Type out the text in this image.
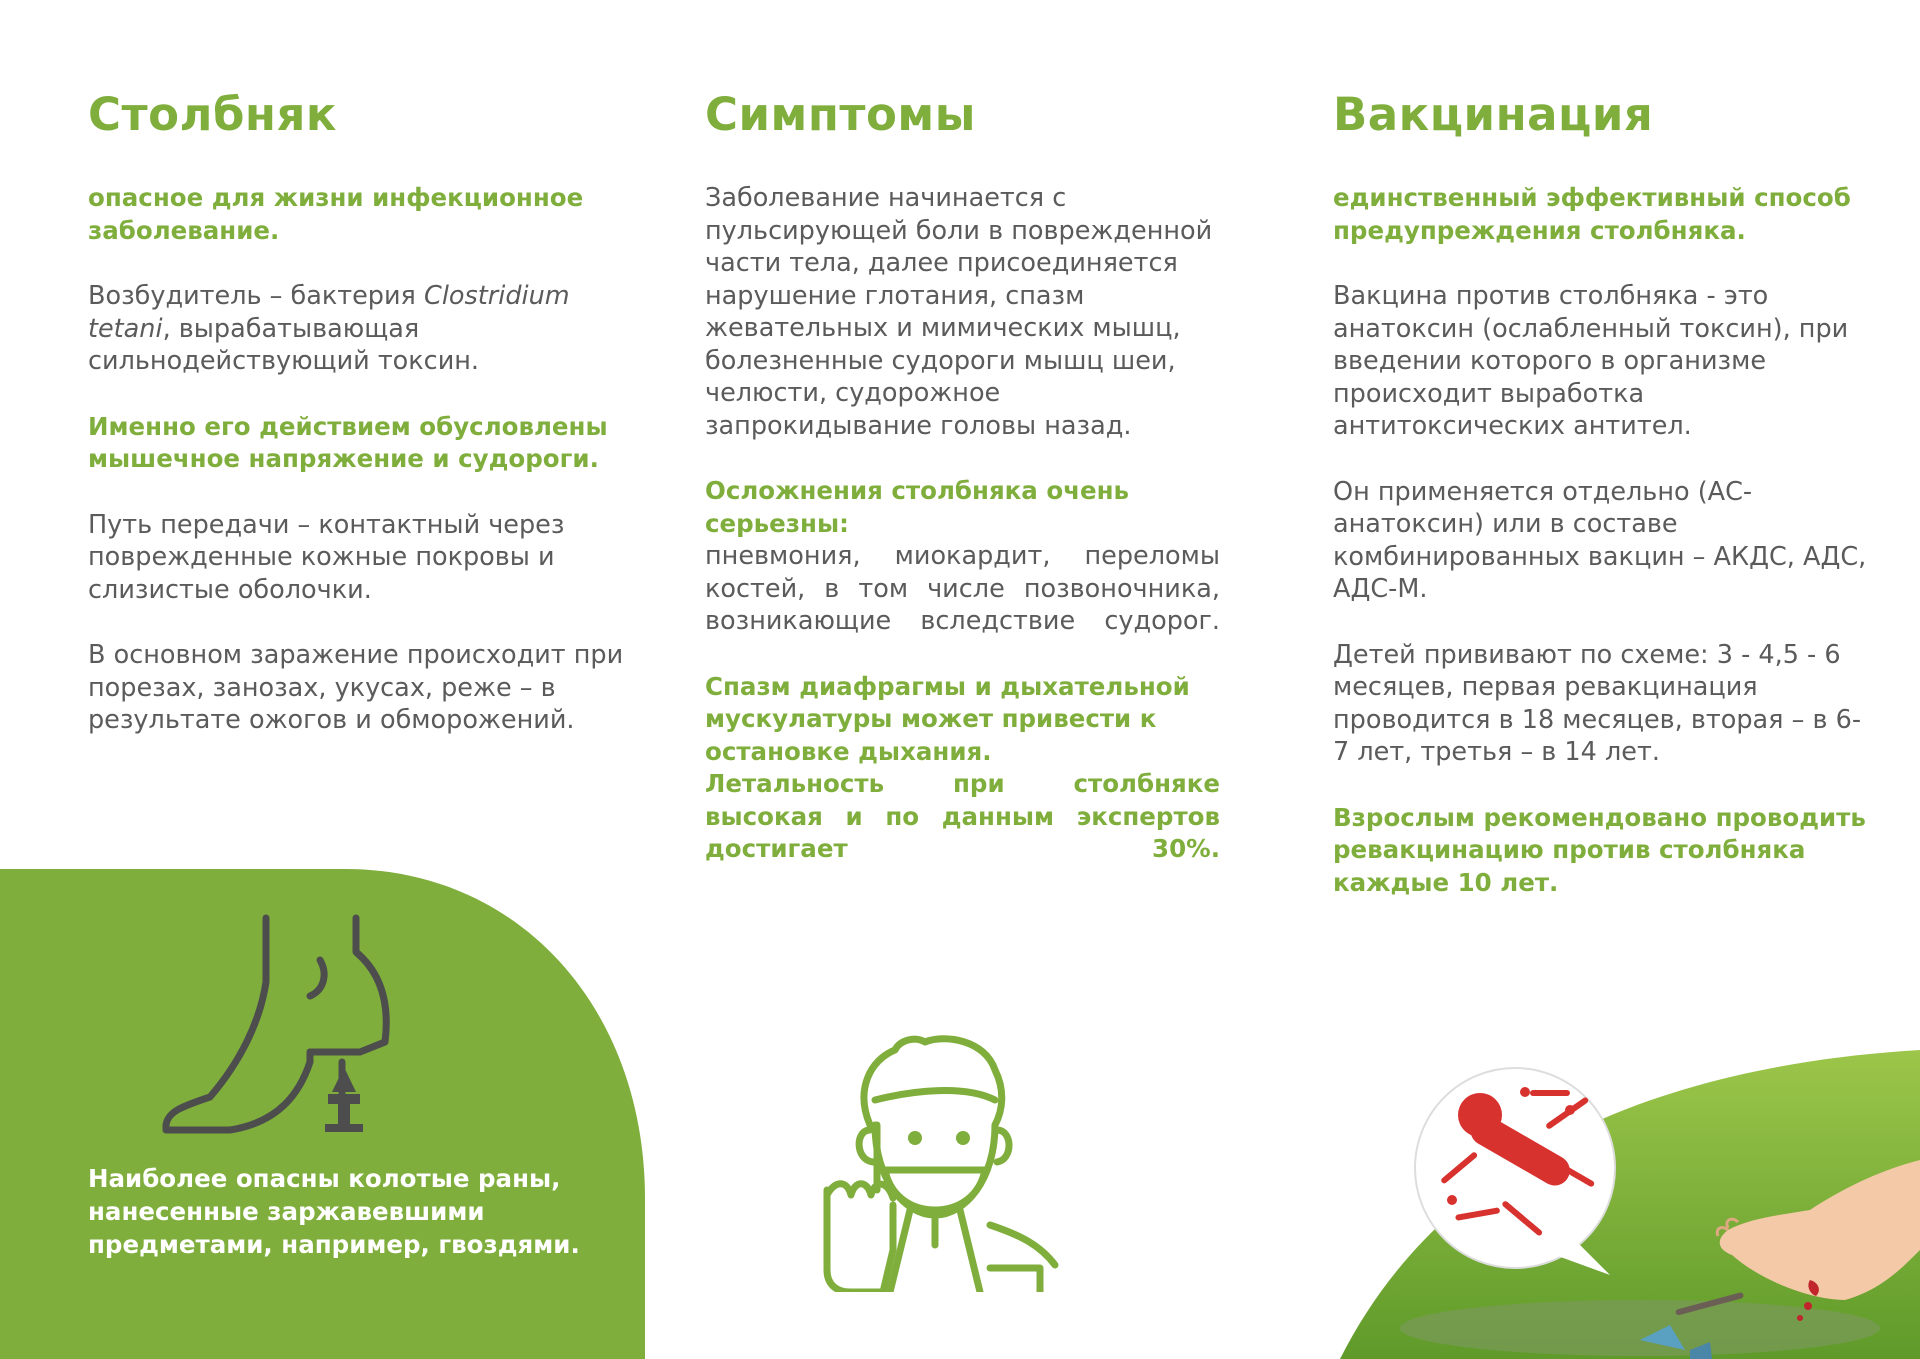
Столбняк

опасное для жизни инфекционное заболевание.

Возбудитель – бактерия Clostridium tetani, вырабатывающая сильнодействующий токсин.

Именно его действием обусловлены мышечное напряжение и судороги.

Путь передачи – контактный через поврежденные кожные покровы и слизистые оболочки.

В основном заражение происходит при порезах, занозах, укусах, реже – в результате ожогов и обморожений.

Наиболее опасны колотые раны, нанесенные заржавевшими предметами, например, гвоздями.

Симптомы

Заболевание начинается с пульсирующей боли в поврежденной части тела, далее присоединяется нарушение глотания, спазм жевательных и мимических мышц, болезненные судороги мышц шеи, челюсти, судорожное запрокидывание головы назад.

Осложнения столбняка очень серьезны:

пневмония, миокардит, переломы костей, в том числе позвоночника, возникающие вследствие судорог.

Спазм диафрагмы и дыхательной мускулатуры может привести к остановке дыхания.

Летальность при столбняке высокая и по данным экспертов достигает 30%.

Вакцинация

единственный эффективный способ предупреждения столбняка.

Вакцина против столбняка - это анатоксин (ослабленный токсин), при введении которого в организме происходит выработка антитоксических антител.

Он применяется отдельно (АС-анатоксин) или в составе комбинированных вакцин – АКДС, АДС, АДС-М.

Детей прививают по схеме: 3 - 4,5 - 6 месяцев, первая ревакцинация проводится в 18 месяцев, вторая – в 6-7 лет, третья – в 14 лет.

Взрослым рекомендовано проводить ревакцинацию против столбняка каждые 10 лет.
